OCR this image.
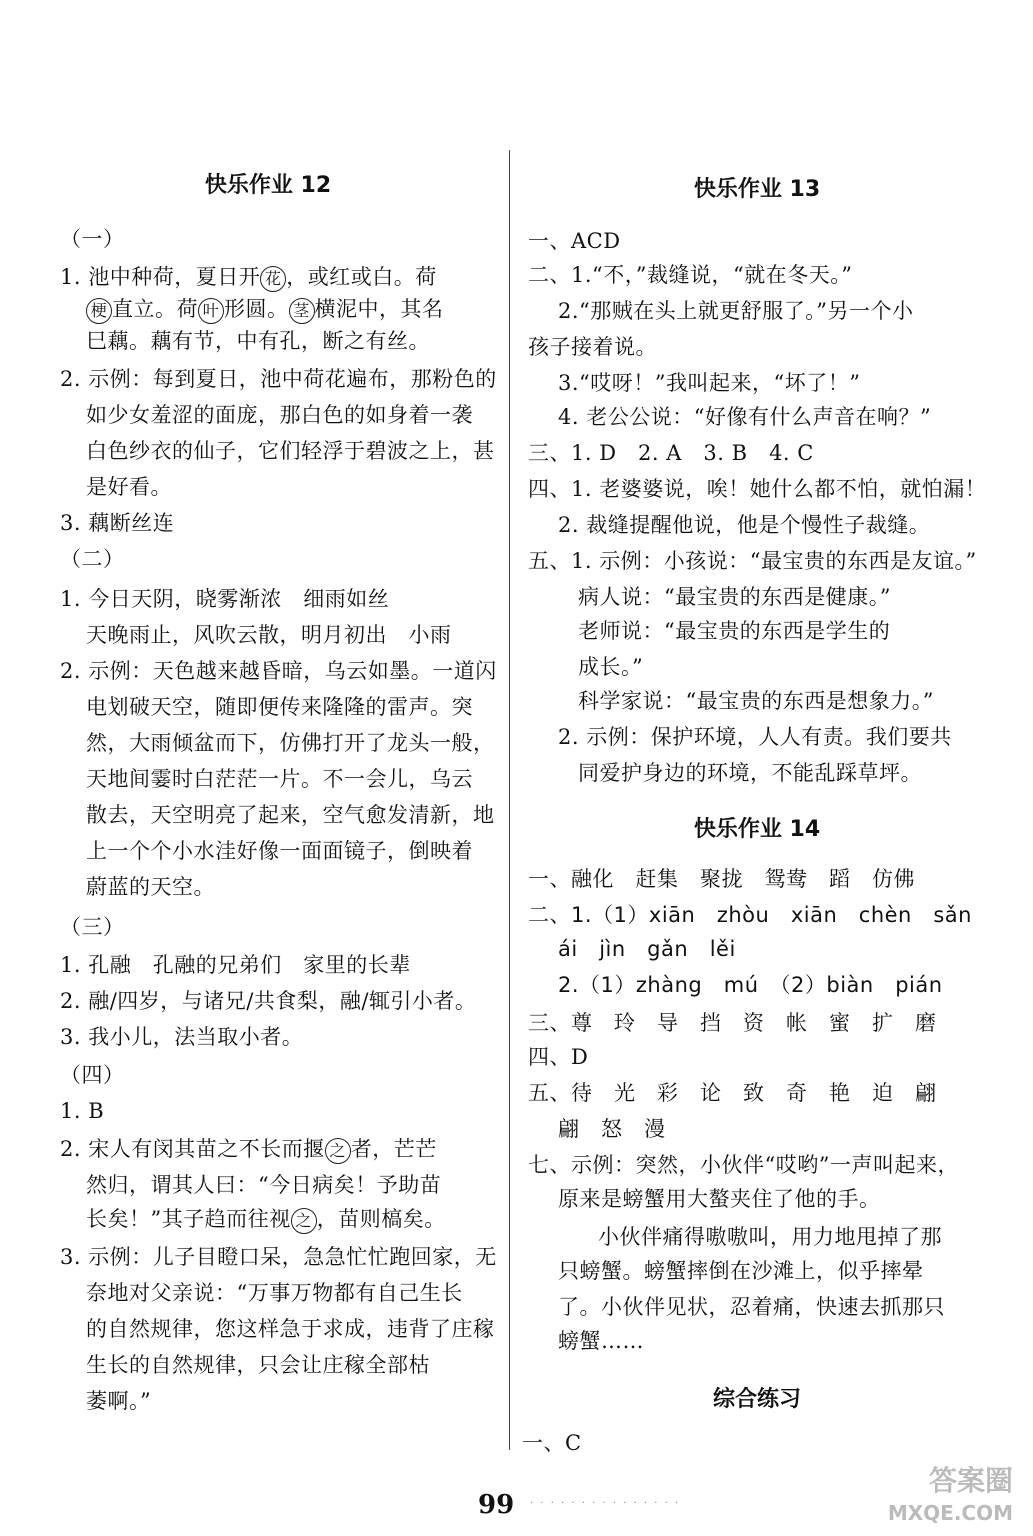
快乐作业 12
（一）
1. 池中种荷，夏日开 花 ，或红或白。荷
梗 直立。荷 叶 形圆。 茎 横泥中，其名
巳藕。藕有节，中有孔，断之有丝。
2. 示例：每到夏日，池中荷花遍布，那粉色的
如少女羞涩的面庞，那白色的如身着一袭
白色纱衣的仙子，它们轻浮于碧波之上，甚
是好看。
3. 藕断丝连
（二）
1. 今日天阴，晓雾渐浓　细雨如丝
天晚雨止，风吹云散，明月初出　小雨
2. 示例：天色越来越昏暗，乌云如墨。一道闪
电划破天空，随即便传来隆隆的雷声。突
然，大雨倾盆而下，仿佛打开了龙头一般，
天地间霎时白茫茫一片。不一会儿，乌云
散去，天空明亮了起来，空气愈发清新，地
上一个个小水洼好像一面面镜子，倒映着
蔚蓝的天空。
（三）
1. 孔融　孔融的兄弟们　家里的长辈
2. 融/四岁，与诸兄/共食梨，融/辄引小者。
3. 我小儿，法当取小者。
（四）
1. B
2. 宋人有闵其苗之不长而揠 之 者，芒芒
然归，谓其人曰：“今日病矣！予助苗
长矣！”其子趋而往视 之 ，苗则槁矣。
3. 示例：儿子目瞪口呆，急急忙忙跑回家，无
奈地对父亲说：“万事万物都有自己生长
的自然规律，您这样急于求成，违背了庄稼
生长的自然规律，只会让庄稼全部枯
萎啊。”
快乐作业 13
一、ACD
二、1.“不，”裁缝说，“就在冬天。”
2.“那贼在头上就更舒服了。”另一个小
孩子接着说。
3.“哎呀！”我叫起来，“坏了！”
4. 老公公说：“好像有什么声音在响？”
三、1. D　2. A　3. B　4. C
四、1. 老婆婆说，唉！她什么都不怕，就怕漏！
2. 裁缝提醒他说，他是个慢性子裁缝。
五、1. 示例：小孩说：“最宝贵的东西是友谊。”
病人说：“最宝贵的东西是健康。”
老师说：“最宝贵的东西是学生的
成长。”
科学家说：“最宝贵的东西是想象力。”
2. 示例：保护环境，人人有责。我们要共
同爱护身边的环境，不能乱踩草坪。
快乐作业 14
一、融化　赶集　聚拢　鸳鸯　蹈　仿佛
二、1.（1）xiān　zhòu　xiān　chèn　sǎn
ái　jìn　gǎn　lěi
2.（1）zhàng　mú　（2）biàn　pián
三、尊　玲　导　挡　资　帐　蜜　扩　磨
四、D
五、待　光　彩　论　致　奇　艳　迫　翩
翩　怒　漫
七、示例：突然，小伙伴“哎哟”一声叫起来，
原来是螃蟹用大螯夹住了他的手。
小伙伴痛得嗷嗷叫，用力地甩掉了那
只螃蟹。螃蟹摔倒在沙滩上，似乎摔晕
了。小伙伴见状，忍着痛，快速去抓那只
螃蟹……
综合练习
一、C
99 · · · · · · · · · · · · · · ·
答案圈
MXQE.COM
